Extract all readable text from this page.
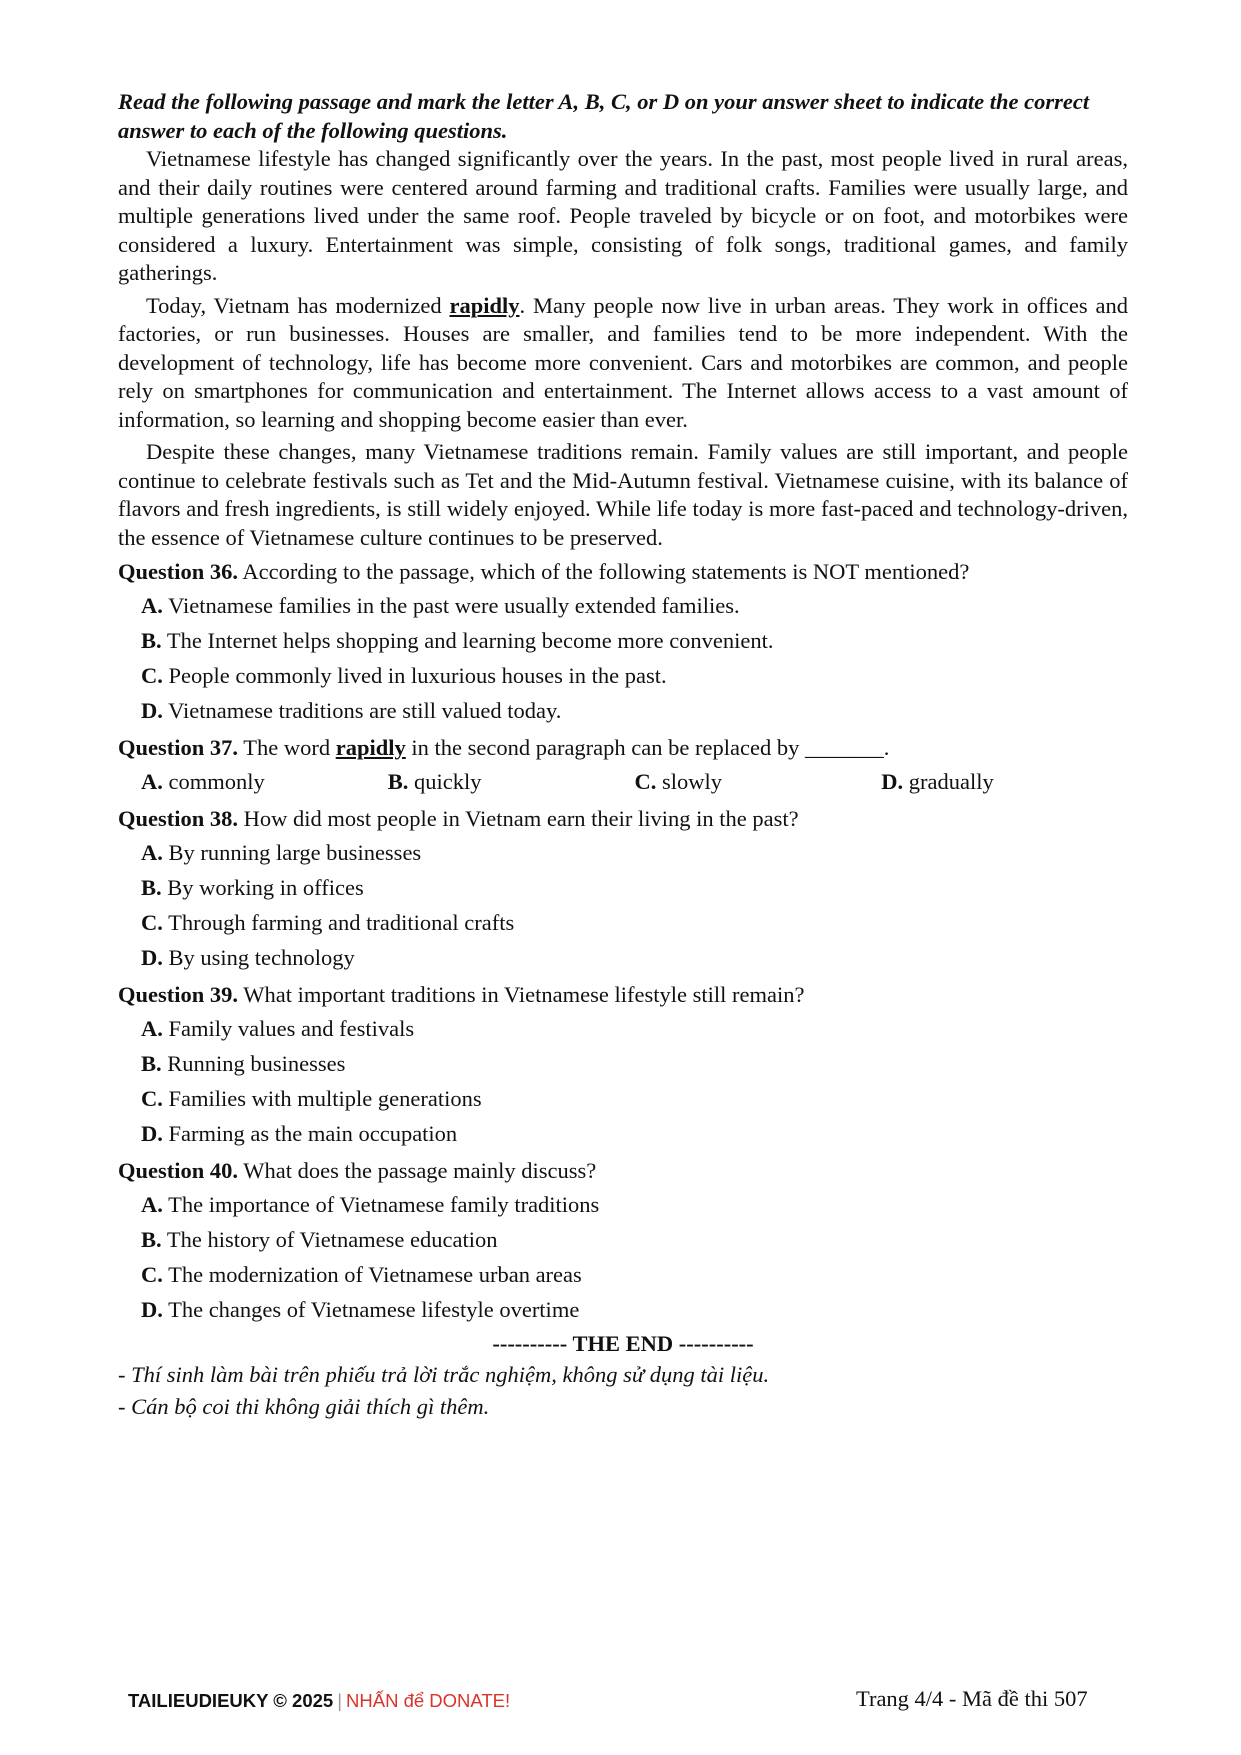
Read the following passage and mark the letter A, B, C, or D on your answer sheet to indicate the correct answer to each of the following questions.

Vietnamese lifestyle has changed significantly over the years. In the past, most people lived in rural areas, and their daily routines were centered around farming and traditional crafts. Families were usually large, and multiple generations lived under the same roof. People traveled by bicycle or on foot, and motorbikes were considered a luxury. Entertainment was simple, consisting of folk songs, traditional games, and family gatherings.

Today, Vietnam has modernized rapidly. Many people now live in urban areas. They work in offices and factories, or run businesses. Houses are smaller, and families tend to be more independent. With the development of technology, life has become more convenient. Cars and motorbikes are common, and people rely on smartphones for communication and entertainment. The Internet allows access to a vast amount of information, so learning and shopping become easier than ever.

Despite these changes, many Vietnamese traditions remain. Family values are still important, and people continue to celebrate festivals such as Tet and the Mid-Autumn festival. Vietnamese cuisine, with its balance of flavors and fresh ingredients, is still widely enjoyed. While life today is more fast-paced and technology-driven, the essence of Vietnamese culture continues to be preserved.

Question 36. According to the passage, which of the following statements is NOT mentioned?
A. Vietnamese families in the past were usually extended families.
B. The Internet helps shopping and learning become more convenient.
C. People commonly lived in luxurious houses in the past.
D. Vietnamese traditions are still valued today.
Question 37. The word rapidly in the second paragraph can be replaced by _______.
A. commonly	B. quickly	C. slowly	D. gradually
Question 38. How did most people in Vietnam earn their living in the past?
A. By running large businesses
B. By working in offices
C. Through farming and traditional crafts
D. By using technology
Question 39. What important traditions in Vietnamese lifestyle still remain?
A. Family values and festivals
B. Running businesses
C. Families with multiple generations
D. Farming as the main occupation
Question 40. What does the passage mainly discuss?
A. The importance of Vietnamese family traditions
B. The history of Vietnamese education
C. The modernization of Vietnamese urban areas
D. The changes of Vietnamese lifestyle overtime
---------- THE END ----------

- Thí sinh làm bài trên phiếu trả lời trắc nghiệm, không sử dụng tài liệu.

- Cán bộ coi thi không giải thích gì thêm.

TAILIEUDIEUKY © 2025 | NHẤN để DONATE!	Trang 4/4 - Mã đề thi 507
